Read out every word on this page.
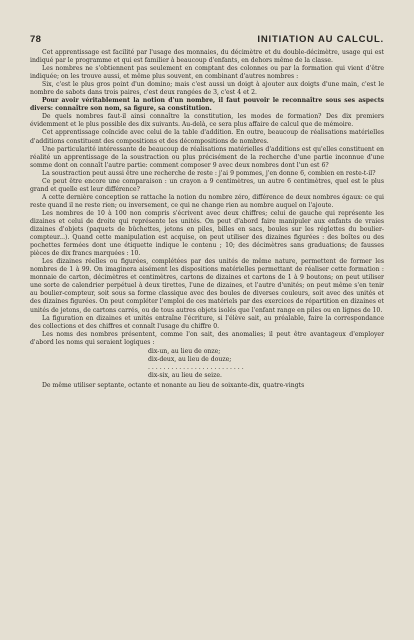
78	INITIATION AU CALCUL.

Cet apprentissage est facilité par l'usage des monnaies, du décimètre et du double-décimètre, usage qui est indiqué par le programme et qui est familier à beaucoup d'enfants, en dehors même de la classe.

Les nombres ne s'obtiennent pas seulement en comptant des colonnes ou par la formation qui vient d'être indiquée; on les trouve aussi, et même plus souvent, en combinant d'autres nombres :

Six, c'est le plus gros point d'un domino; mais c'est aussi un doigt à ajouter aux doigts d'une main, c'est le nombre de sabots dans trois paires, c'est deux rangées de 3, c'est 4 et 2.

Pour avoir véritablement la notion d'un nombre, il faut pouvoir le reconnaître sous ses aspects divers: connaître son nom, sa figure, sa constitution.

De quels nombres faut-il ainsi connaître la constitution, les modes de formation? Des dix premiers évidemment et le plus possible des dix suivants. Au-delà, ce sera plus affaire de calcul que de mémoire.

Cet apprentissage coïncide avec celui de la table d'addition. En outre, beaucoup de réalisations matérielles d'additions constituent des compositions et des décompositions de nombres.

Une particularité intéressante de beaucoup de réalisations matérielles d'additions est qu'elles constituent en réalité un apprentissage de la soustraction ou plus précisément de la recherche d'une partie inconnue d'une somme dont on connaît l'autre partie: comment composer 9 avec deux nombres dont l'un est 6?

La soustraction peut aussi être une recherche de reste : j'ai 9 pommes, j'en donne 6, combien en reste-t-il?

Ce peut être encore une comparaison : un crayon a 9 centimètres, un autre 6 centimètres, quel est le plus grand et quelle est leur différence?

A cette dernière conception se rattache la notion du nombre zéro, différence de deux nombres égaux: ce qui reste quand il ne reste rien; ou inversement, ce qui ne change rien au nombre auquel on l'ajoute.

Les nombres de 10 à 100 non compris s'écrivent avec deux chiffres; celui de gauche qui représente les dizaines et celui de droite qui représente les unités. On peut d'abord faire manipuler aux enfants de vraies dizaines d'objets (paquets de bûchettes, jetons en piles, billes en sacs, boules sur les réglettes du boulier-compteur...). Quand cette manipulation est acquise, on peut utiliser des dizaines figurées : des boîtes ou des pochettes fermées dont une étiquette indique le contenu ; 10; des décimètres sans graduations; de fausses pièces de dix francs marquées : 10.

Les dizaines réelles ou figurées, complétées par des unités de même nature, permettent de former les nombres de 1 à 99. On imaginera aisément les dispositions matérielles permettant de réaliser cette formation : monnaie de carton, décimètres et centimètres, cartons de dizaines et cartons de 1 à 9 boutons; on peut utiliser une sorte de calendrier perpétuel à deux tirettes, l'une de dizaines, et l'autre d'unités; on peut même s'en tenir au boulier-compteur, soit sous sa forme classique avec des boules de diverses couleurs, soit avec des unités et des dizaines figurées. On peut compléter l'emploi de ces matériels par des exercices de répartition en dizaines et unités de jetons, de cartons carrés, ou de tous autres objets isolés que l'enfant range en piles ou en lignes de 10.

La figuration en dizaines et unités entraîne l'écriture, si l'élève sait, au préalable, faire la correspondance des collections et des chiffres et connaît l'usage du chiffre 0.

Les noms des nombres présentent, comme l'on sait, des anomalies; il peut être avantageux d'employer d'abord les noms qui seraient logiques :

dix-un, au lieu de onze;
dix-deux, au lieu de douze;
. . . . . . . . . . . . . . . . . . . . . . . . .
dix-six, au lieu de seize.
De même utiliser septante, octante et nonante au lieu de soixante-dix, quatre-vingts
